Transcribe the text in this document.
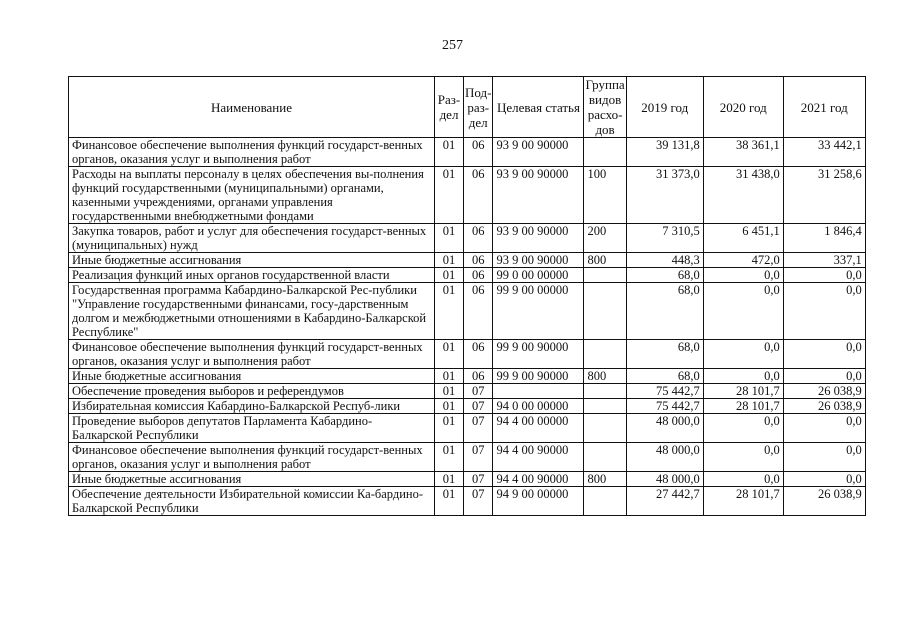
257
Наименование	Раз-дел	Под-раз-дел	Целевая статья	Группа видов расхо-дов	2019 год	2020 год	2021 год
Финансовое обеспечение выполнения функций государст-венных органов, оказания услуг и выполнения работ	01	06	93 9 00 90000		39 131,8	38 361,1	33 442,1
Расходы на выплаты персоналу в целях обеспечения вы-полнения функций государственными (муниципальными) органами, казенными учреждениями, органами управления государственными внебюджетными фондами	01	06	93 9 00 90000	100	31 373,0	31 438,0	31 258,6
Закупка товаров, работ и услуг для обеспечения государст-венных (муниципальных) нужд	01	06	93 9 00 90000	200	7 310,5	6 451,1	1 846,4
Иные бюджетные ассигнования	01	06	93 9 00 90000	800	448,3	472,0	337,1
Реализация функций иных органов государственной власти	01	06	99 0 00 00000		68,0	0,0	0,0
Государственная программа Кабардино-Балкарской Рес-публики "Управление государственными финансами, госу-дарственным долгом и межбюджетными отношениями в Кабардино-Балкарской Республике"	01	06	99 9 00 00000		68,0	0,0	0,0
Финансовое обеспечение выполнения функций государст-венных органов, оказания услуг и выполнения работ	01	06	99 9 00 90000		68,0	0,0	0,0
Иные бюджетные ассигнования	01	06	99 9 00 90000	800	68,0	0,0	0,0
Обеспечение проведения выборов и референдумов	01	07			75 442,7	28 101,7	26 038,9
Избирательная комиссия Кабардино-Балкарской Респуб-лики	01	07	94 0 00 00000		75 442,7	28 101,7	26 038,9
Проведение выборов депутатов Парламента Кабардино-Балкарской Республики	01	07	94 4 00 00000		48 000,0	0,0	0,0
Финансовое обеспечение выполнения функций государст-венных органов, оказания услуг и выполнения работ	01	07	94 4 00 90000		48 000,0	0,0	0,0
Иные бюджетные ассигнования	01	07	94 4 00 90000	800	48 000,0	0,0	0,0
Обеспечение деятельности Избирательной комиссии Ка-бардино-Балкарской Республики	01	07	94 9 00 00000		27 442,7	28 101,7	26 038,9
